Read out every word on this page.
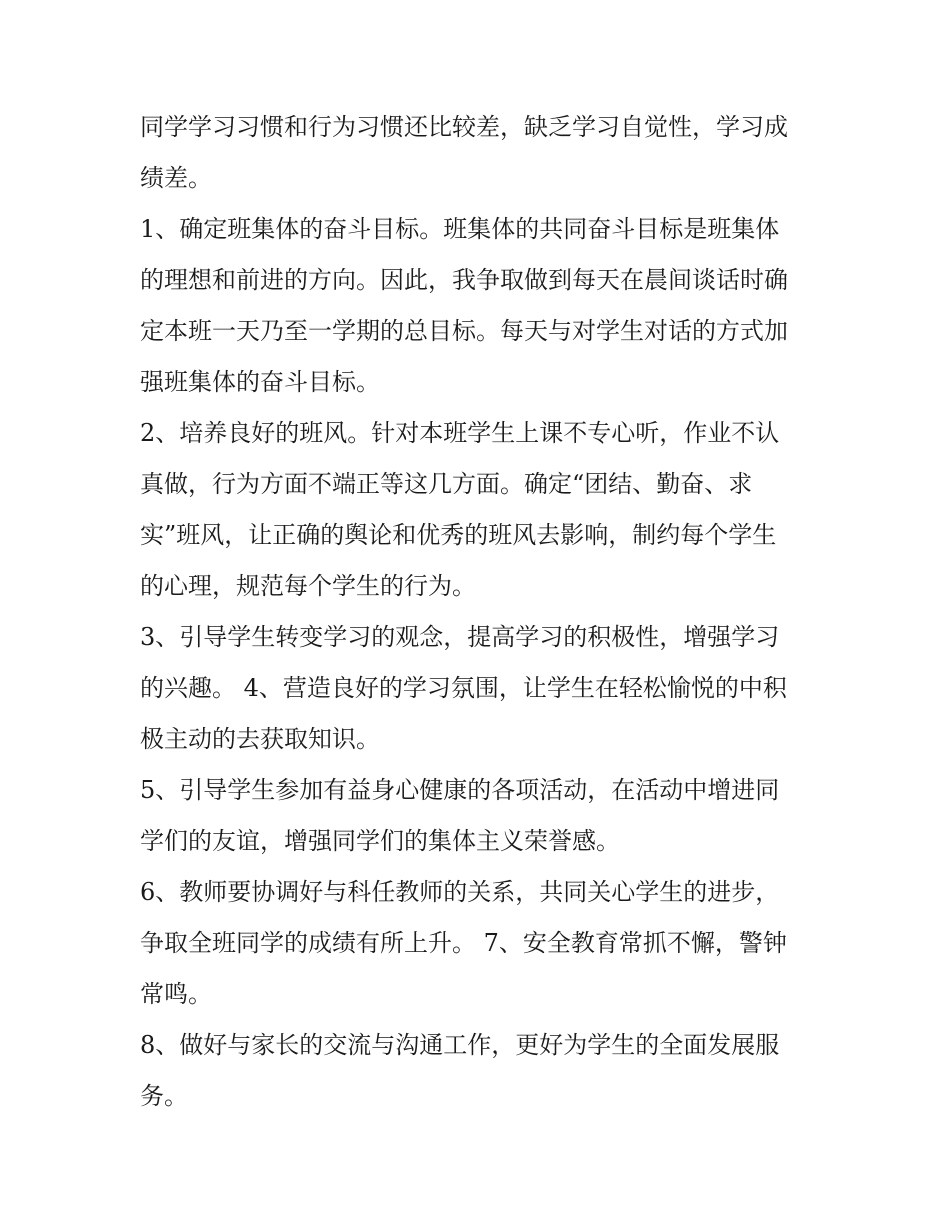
同学学习习惯和行为习惯还比较差，缺乏学习自觉性，学习成
绩差。

1、确定班集体的奋斗目标。班集体的共同奋斗目标是班集体
的理想和前进的方向。因此，我争取做到每天在晨间谈话时确
定本班一天乃至一学期的总目标。每天与对学生对话的方式加
强班集体的奋斗目标。

2、培养良好的班风。针对本班学生上课不专心听，作业不认
真做，行为方面不端正等这几方面。确定“团结、勤奋、求
实”班风，让正确的舆论和优秀的班风去影响，制约每个学生
的心理，规范每个学生的行为。

3、引导学生转变学习的观念，提高学习的积极性，增强学习
的兴趣。 4、营造良好的学习氛围，让学生在轻松愉悦的中积
极主动的去获取知识。

5、引导学生参加有益身心健康的各项活动，在活动中增进同
学们的友谊，增强同学们的集体主义荣誉感。

6、教师要协调好与科任教师的关系，共同关心学生的进步，
争取全班同学的成绩有所上升。 7、安全教育常抓不懈，警钟
常鸣。

8、做好与家长的交流与沟通工作，更好为学生的全面发展服
务。
